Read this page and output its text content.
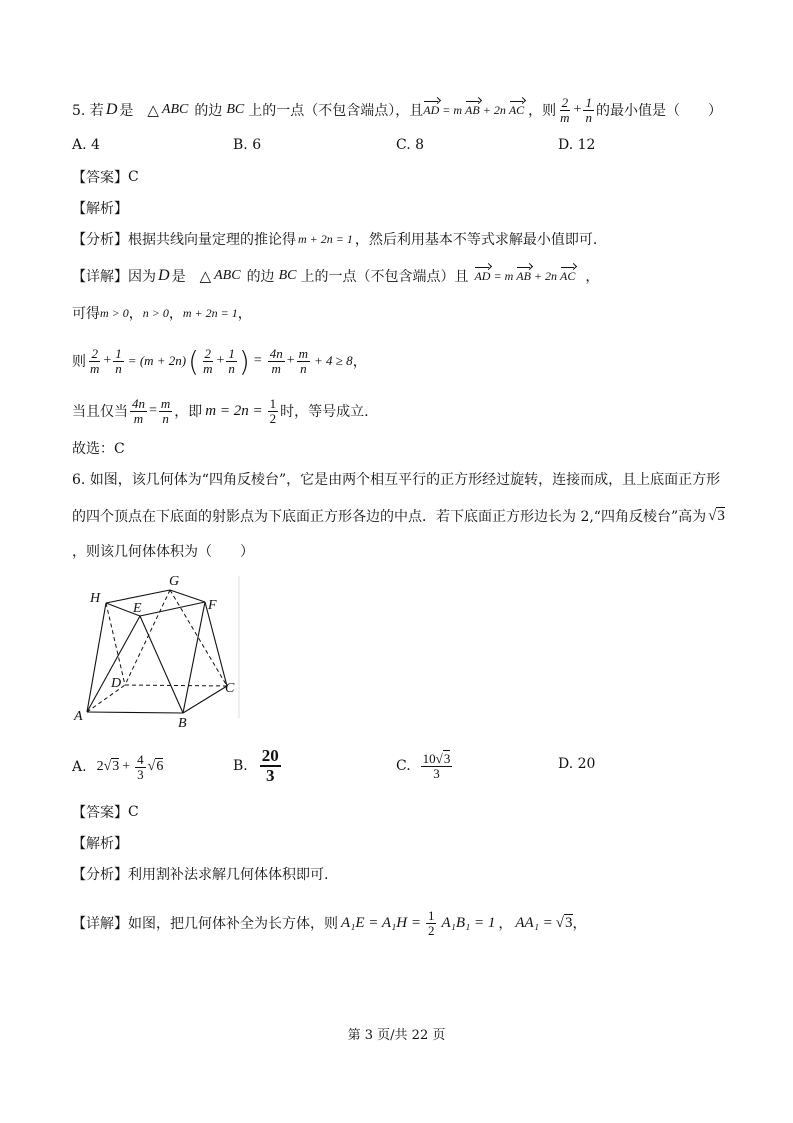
5. 若 D 是 △ ABC 的边 BC 上的一点（不包含端点），且 AD = m AB + 2n AC ，则 $\frac{2}{m} + \frac{1}{n}$ 的最小值是（　　）
A. 4	B. 6	C. 8	D. 12
【答案】 C
【解析】
【分析】 根据共线向量定理的推论得 m + 2n = 1 ，然后利用基本不等式求解最小值即可.
【详解】 因为 D 是 △ ABC 的边 BC 上的一点（不包含端点）且 AD = m AB + 2n AC ，
可得 m > 0 ， n > 0 ， m + 2n = 1 ，
则 $\frac{2}{m} + \frac{1}{n} = (m + 2n)$ ( $\frac{2}{m} + \frac{1}{n}$ ) = $\frac{4n}{m} + \frac{m}{n} + 4 \ge 8$ ，
当且仅当 $\frac{4n}{m} = \frac{m}{n}$ ，即 $m = 2n = \frac{1}{2}$ 时，等号成立.
故选：C
6. 如图，该几何体为“四角反棱台”，它是由两个相互平行的正方形经过旋转，连接而成，且上底面正方形
的四个顶点在下底面的射影点为下底面正方形各边的中点．若下底面正方形边长为 2,“四角反棱台”高为 √3
，则该几何体体积为（　　）
H
E
G
F
D	C
A	B
A. 2 $√3 + \frac{4}{3} √6$	B. $\frac{20}{3}$	C. $\frac{10√3}{3}$	D. 20
【答案】 C
【解析】
【分析】 利用割补法求解几何体体积即可.
【详解】 如图，把几何体补全为长方体，则 $A_1E = A_1H = \frac{1}{2} A_1B_1 = 1$ ， AA₁ = √3 ，
第 3 页/共 22 页
